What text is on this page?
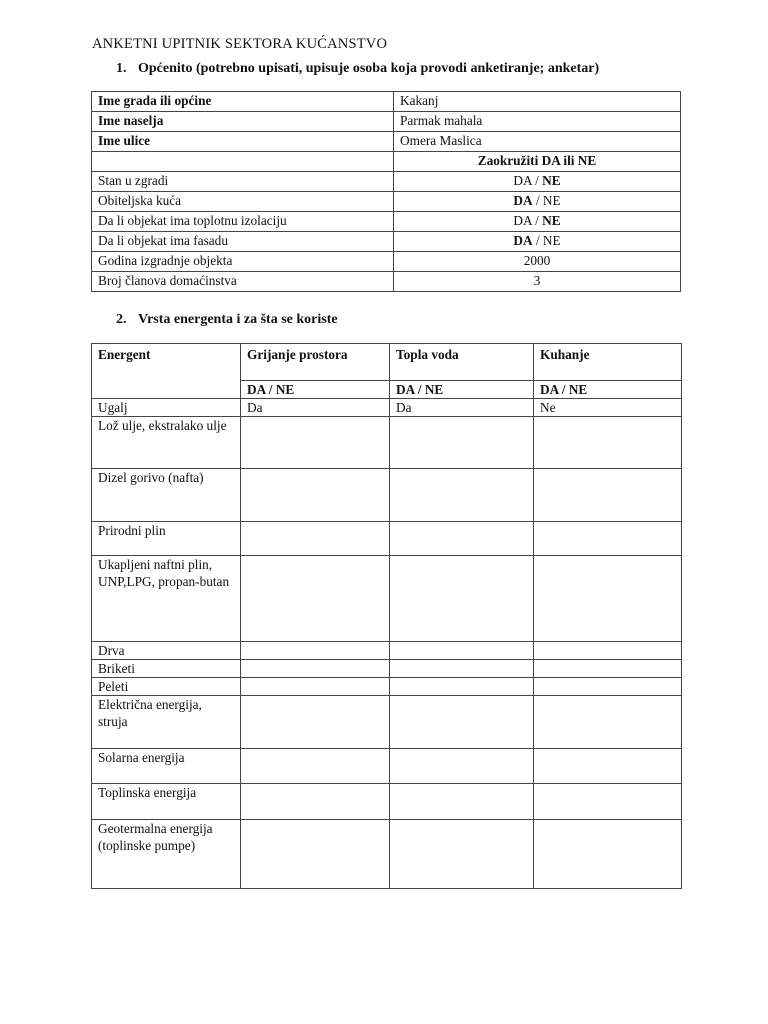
ANKETNI UPITNIK SEKTORA KUĆANSTVO
1. Općenito (potrebno upisati, upisuje osoba koja provodi anketiranje; anketar)
Ime grada ili općine	Kakanj
Ime naselja	Parmak mahala
Ime ulice	Omera Maslica
	Zaokružiti DA ili NE
Stan u zgradi	DA / NE
Obiteljska kuća	DA / NE
Da li objekat ima toplotnu izolaciju	DA / NE
Da li objekat ima fasadu	DA / NE
Godina izgradnje objekta	2000
Broj članova domaćinstva	3
2. Vrsta energenta i za šta se koriste
Energent	Grijanje prostora	Topla voda	Kuhanje
	DA / NE	DA / NE	DA / NE
Ugalj	Da	Da	Ne
Lož ulje, ekstralako ulje			
Dizel gorivo (nafta)			
Prirodni plin			
Ukapljeni naftni plin, UNP,LPG, propan-butan			
Drva			
Briketi			
Peleti			
Električna energija, struja			
Solarna energija			
Toplinska energija			
Geotermalna energija (toplinske pumpe)			
